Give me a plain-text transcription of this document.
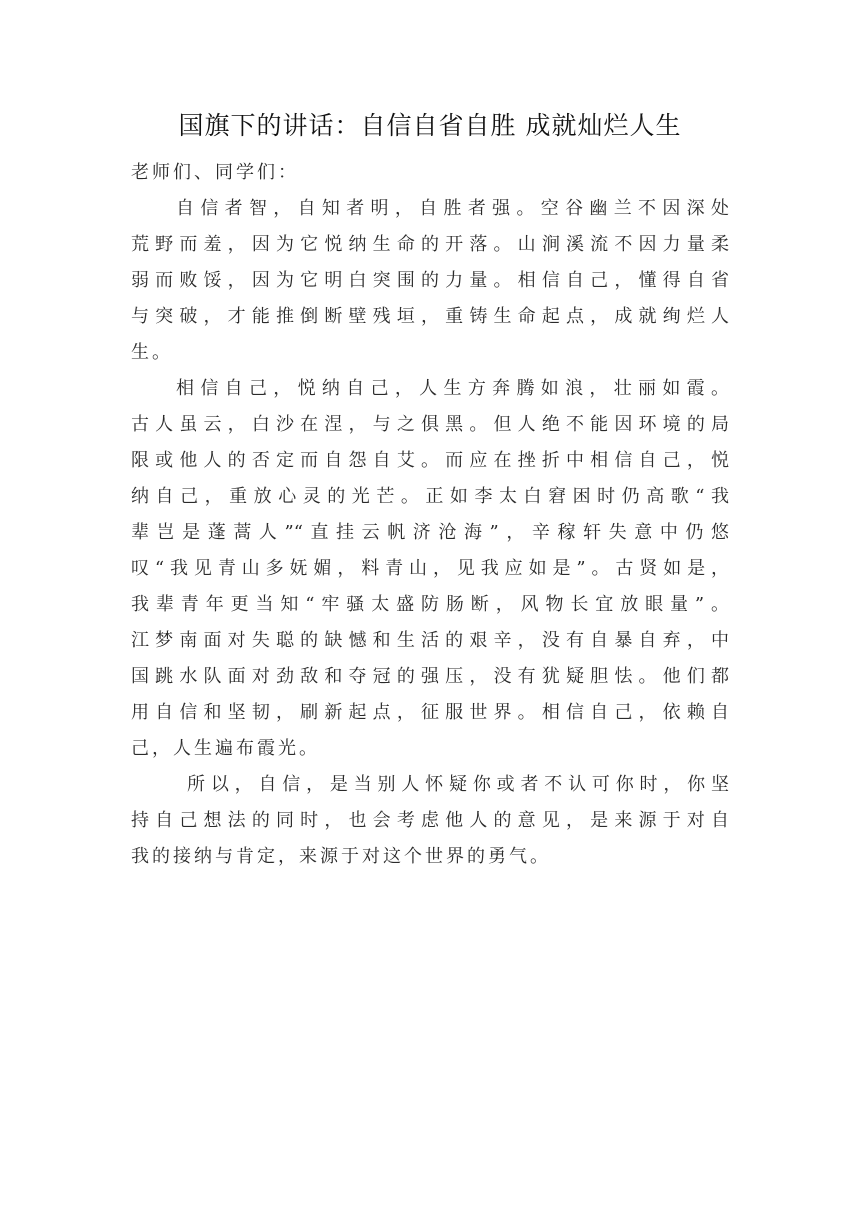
国旗下的讲话：自信自省自胜 成就灿烂人生

老师们、同学们：

自信者智，自知者明，自胜者强。空谷幽兰不因深处
荒野而羞，因为它悦纳生命的开落。山涧溪流不因力量柔
弱而败馁，因为它明白突围的力量。相信自己，懂得自省
与突破，才能推倒断壁残垣，重铸生命起点，成就绚烂人
生。
相信自己，悦纳自己，人生方奔腾如浪，壮丽如霞。
古人虽云，白沙在涅，与之俱黑。但人绝不能因环境的局
限或他人的否定而自怨自艾。而应在挫折中相信自己，悦
纳自己，重放心灵的光芒。正如李太白窘困时仍高歌“我
辈岂是蓬蒿人”“直挂云帆济沧海”，辛稼轩失意中仍悠
叹“我见青山多妩媚，料青山，见我应如是”。古贤如是，
我辈青年更当知“牢骚太盛防肠断，风物长宜放眼量”。
江梦南面对失聪的缺憾和生活的艰辛，没有自暴自弃，中
国跳水队面对劲敌和夺冠的强压，没有犹疑胆怯。他们都
用自信和坚韧，刷新起点，征服世界。相信自己，依赖自
己，人生遍布霞光。
所以，自信，是当别人怀疑你或者不认可你时，你坚
持自己想法的同时，也会考虑他人的意见，是来源于对自
我的接纳与肯定，来源于对这个世界的勇气。
